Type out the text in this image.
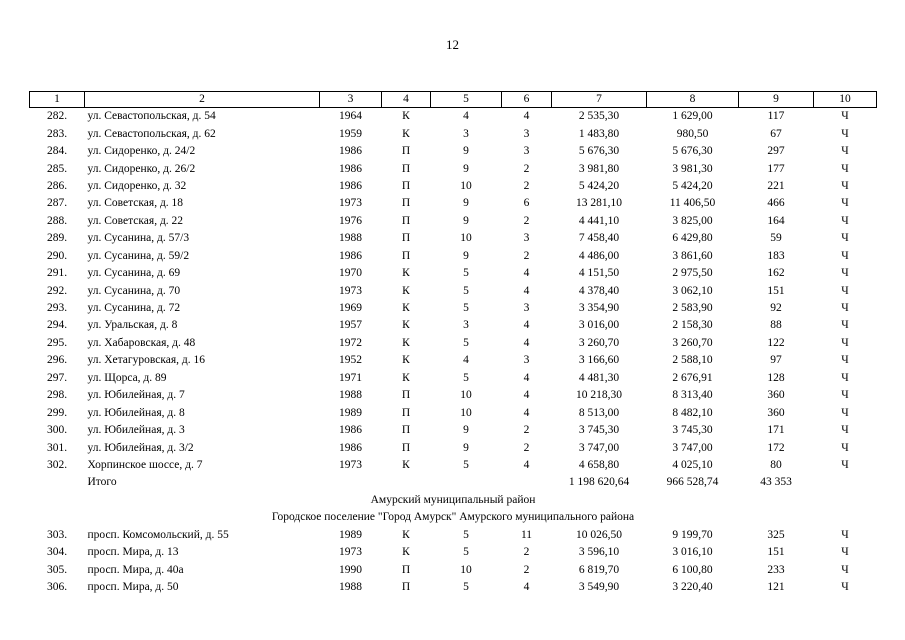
12
1	2	3	4	5	6	7	8	9	10
282.	ул. Севастопольская, д. 54	1964	К	4	4	2 535,30	1 629,00	117	Ч
283.	ул. Севастопольская, д. 62	1959	К	3	3	1 483,80	980,50	67	Ч
284.	ул. Сидоренко, д. 24/2	1986	П	9	3	5 676,30	5 676,30	297	Ч
285.	ул. Сидоренко, д. 26/2	1986	П	9	2	3 981,80	3 981,30	177	Ч
286.	ул. Сидоренко, д. 32	1986	П	10	2	5 424,20	5 424,20	221	Ч
287.	ул. Советская, д. 18	1973	П	9	6	13 281,10	11 406,50	466	Ч
288.	ул. Советская, д. 22	1976	П	9	2	4 441,10	3 825,00	164	Ч
289.	ул. Сусанина, д. 57/3	1988	П	10	3	7 458,40	6 429,80	59	Ч
290.	ул. Сусанина, д. 59/2	1986	П	9	2	4 486,00	3 861,60	183	Ч
291.	ул. Сусанина, д. 69	1970	К	5	4	4 151,50	2 975,50	162	Ч
292.	ул. Сусанина, д. 70	1973	К	5	4	4 378,40	3 062,10	151	Ч
293.	ул. Сусанина, д. 72	1969	К	5	3	3 354,90	2 583,90	92	Ч
294.	ул. Уральская, д. 8	1957	К	3	4	3 016,00	2 158,30	88	Ч
295.	ул. Хабаровская, д. 48	1972	К	5	4	3 260,70	3 260,70	122	Ч
296.	ул. Хетагуровская, д. 16	1952	К	4	3	3 166,60	2 588,10	97	Ч
297.	ул. Щорса, д. 89	1971	К	5	4	4 481,30	2 676,91	128	Ч
298.	ул. Юбилейная, д. 7	1988	П	10	4	10 218,30	8 313,40	360	Ч
299.	ул. Юбилейная, д. 8	1989	П	10	4	8 513,00	8 482,10	360	Ч
300.	ул. Юбилейная, д. 3	1986	П	9	2	3 745,30	3 745,30	171	Ч
301.	ул. Юбилейная, д. 3/2	1986	П	9	2	3 747,00	3 747,00	172	Ч
302.	Хорпинское шоссе, д. 7	1973	К	5	4	4 658,80	4 025,10	80	Ч
	Итого					1 198 620,64	966 528,74	43 353	
Амурский муниципальный район									
Городское поселение "Город Амурск" Амурского муниципального района									
303.	просп. Комсомольский, д. 55	1989	К	5	11	10 026,50	9 199,70	325	Ч
304.	просп. Мира, д. 13	1973	К	5	2	3 596,10	3 016,10	151	Ч
305.	просп. Мира, д. 40а	1990	П	10	2	6 819,70	6 100,80	233	Ч
306.	просп. Мира, д. 50	1988	П	5	4	3 549,90	3 220,40	121	Ч
